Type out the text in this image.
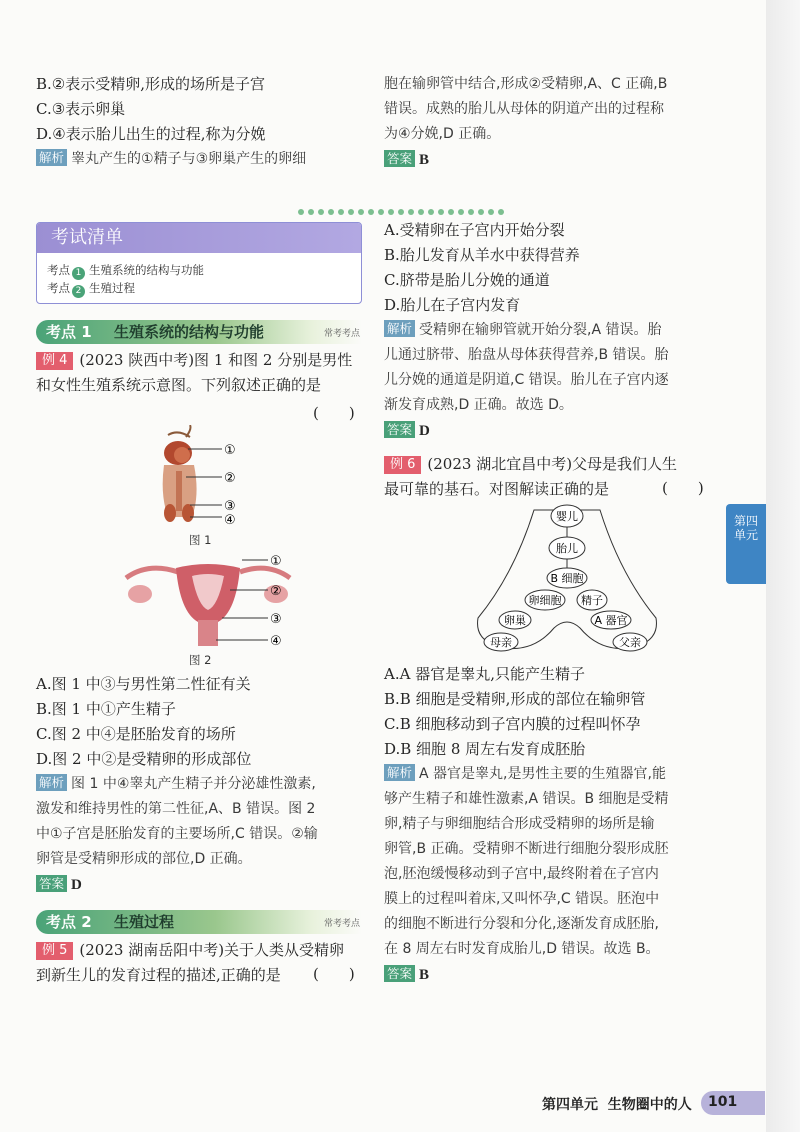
B.②表示受精卵,形成的场所是子宫
C.③表示卵巢
D.④表示胎儿出生的过程,称为分娩
解析 睾丸产生的①精子与③卵巢产生的卵细
胞在输卵管中结合,形成②受精卵,A、C 正确,B
错误。成熟的胎儿从母体的阴道产出的过程称
为④分娩,D 正确。
答案 B
考试清单
考点 1 生殖系统的结构与功能
考点 2 生殖过程
考点 1 生殖系统的结构与功能	常考考点
例 4 (2023 陕西中考)图 1 和图 2 分别是男性
和女性生殖系统示意图。下列叙述正确的是
(　　)
①
②
③
④
图 1
①
②
③
④
图 2
A.图 1 中③与男性第二性征有关
B.图 1 中①产生精子
C.图 2 中④是胚胎发育的场所
D.图 2 中②是受精卵的形成部位
解析 图 1 中④睾丸产生精子并分泌雄性激素,
激发和维持男性的第二性征,A、B 错误。图 2
中①子宫是胚胎发育的主要场所,C 错误。②输
卵管是受精卵形成的部位,D 正确。
答案 D
考点 2 生殖过程	常考考点
例 5 (2023 湖南岳阳中考)关于人类从受精卵
到新生儿的发育过程的描述,正确的是	(　　)
A.受精卵在子宫内开始分裂
B.胎儿发育从羊水中获得营养
C.脐带是胎儿分娩的通道
D.胎儿在子宫内发育
解析 受精卵在输卵管就开始分裂,A 错误。胎
儿通过脐带、胎盘从母体获得营养,B 错误。胎
儿分娩的通道是阴道,C 错误。胎儿在子宫内逐
渐发育成熟,D 正确。故选 D。
答案 D
例 6 (2023 湖北宜昌中考)父母是我们人生
最可靠的基石。对图解读正确的是	(　　)
婴儿
胎儿
B 细胞
卵细胞 精子
卵巢	A 器官
母亲	父亲
A.A 器官是睾丸,只能产生精子
B.B 细胞是受精卵,形成的部位在输卵管
C.B 细胞移动到子宫内膜的过程叫怀孕
D.B 细胞 8 周左右发育成胚胎
解析 A 器官是睾丸,是男性主要的生殖器官,能
够产生精子和雄性激素,A 错误。B 细胞是受精
卵,精子与卵细胞结合形成受精卵的场所是输
卵管,B 正确。受精卵不断进行细胞分裂形成胚
泡,胚泡缓慢移动到子宫中,最终附着在子宫内
膜上的过程叫着床,又叫怀孕,C 错误。胚泡中
的细胞不断进行分裂和分化,逐渐发育成胚胎,
在 8 周左右时发育成胎儿,D 错误。故选 B。
答案 B
第四
单元
第四单元 生物圈中的人 101
